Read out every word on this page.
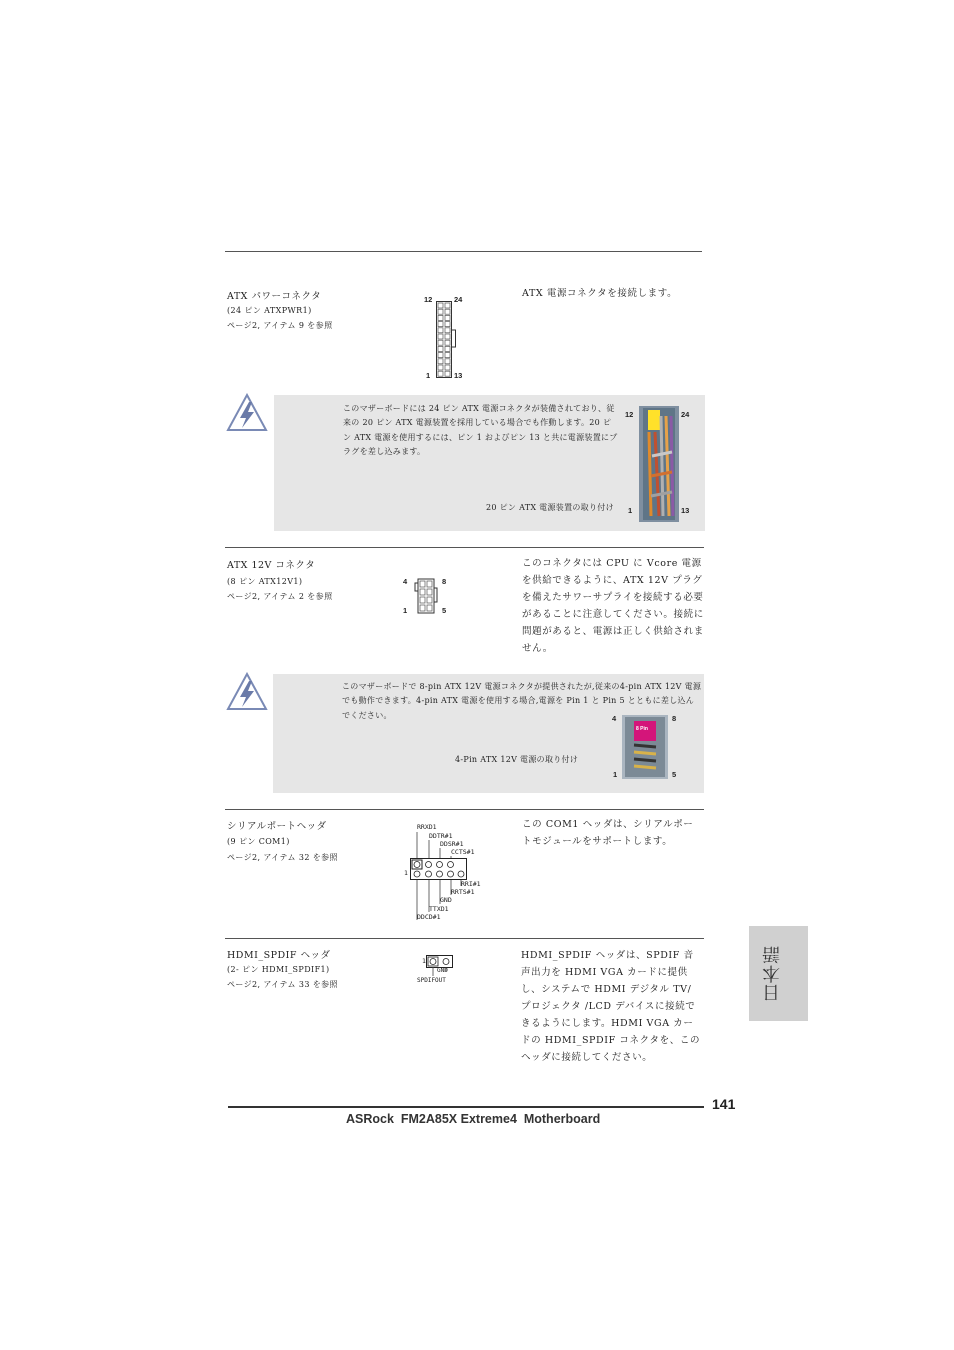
ATX パワーコネクタ
(24 ピン ATXPWR1)
ページ2, アイテム 9 を参照
ATX 電源コネクタを接続します。
12	24
1	13
このマザーボードには 24 ピン ATX 電源コネクタが装備されており、従来の 20 ピン ATX 電源装置を採用している場合でも作動します。20 ピン ATX 電源を使用するには、ピン 1 およびピン 13 と共に電源装置にプラグを差し込みます。
20 ピン ATX 電源装置の取り付け
12	24
1	13
ATX 12V コネクタ
(8 ピン ATX12V1)
ページ2, アイテム 2 を参照
このコネクタには CPU に Vcore 電源を供給できるように、ATX 12V プラグを備えたサワーサプライを接続する必要があることに注意してください。接続に問題があると、電源は正しく供給されません。
4	8
1	5
このマザーボードで 8-pin ATX 12V 電源コネクタが提供されたが,従来の4-pin ATX 12V 電源でも動作できます。4-pin ATX 電源を使用する場合,電源を Pin 1 と Pin 5 とともに差し込んでください。
4-Pin ATX 12V 電源の取り付け
4	8
8 Pin
1	5
シリアルポートヘッダ
(9 ピン COM1)
ページ2, アイテム 32 を参照
この COM1 ヘッダは、シリアルポートモジュールをサポートします。
RRXD1
DDTR#1
DDSR#1
CCTS#1
1
RRI#1
RRTS#1
GND
TTXD1
DDCD#1
HDMI_SPDIF ヘッダ
(2- ピン HDMI_SPDIF1)
ページ2, アイテム 33 を参照
HDMI_SPDIF ヘッダは、SPDIF 音声出力を HDMI VGA カードに提供し、システムで HDMI デジタル TV/ プロジェクタ /LCD デバイスに接続できるようにします。HDMI VGA カードの HDMI_SPDIF コネクタを、このヘッダに接続してください。
1
GND
SPDIFOUT	日本語
141
ASRock  FM2A85X Extreme4  Motherboard
